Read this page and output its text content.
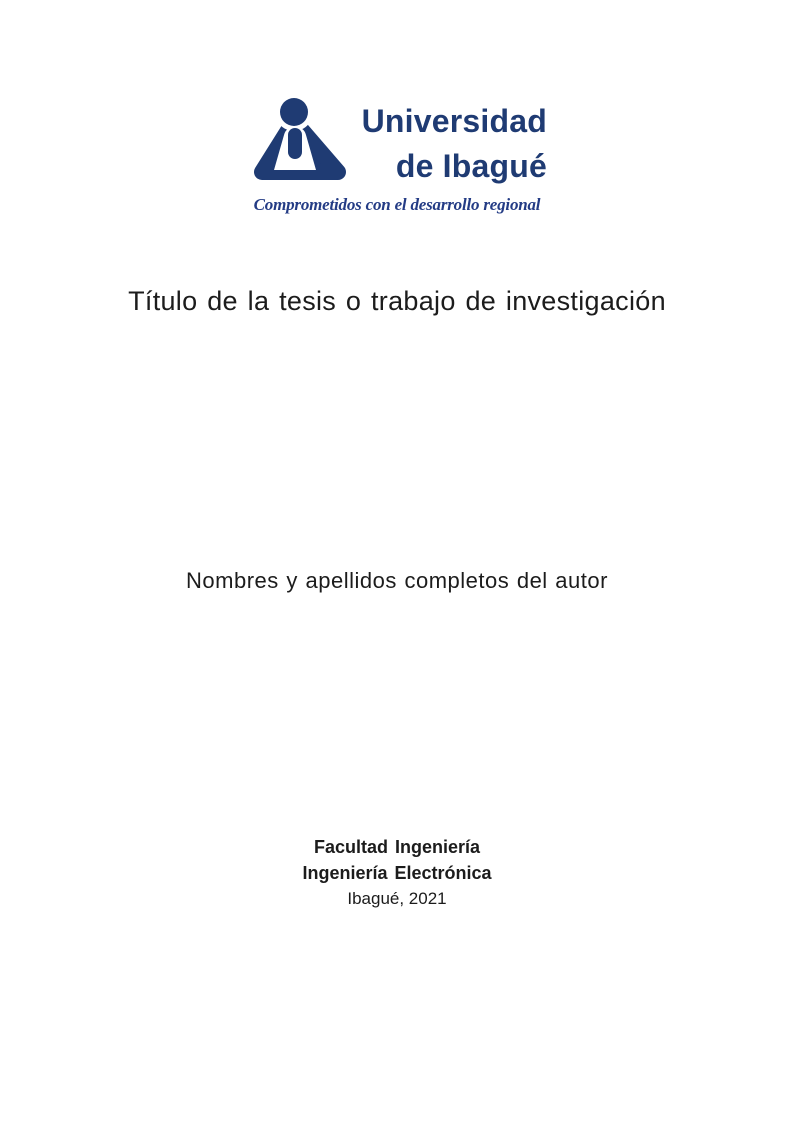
Universidad
de Ibagué
Comprometidos con el desarrollo regional
Título de la tesis o trabajo de investigación
Nombres y apellidos completos del autor
Facultad Ingeniería
Ingeniería Electrónica
Ibagué, 2021
